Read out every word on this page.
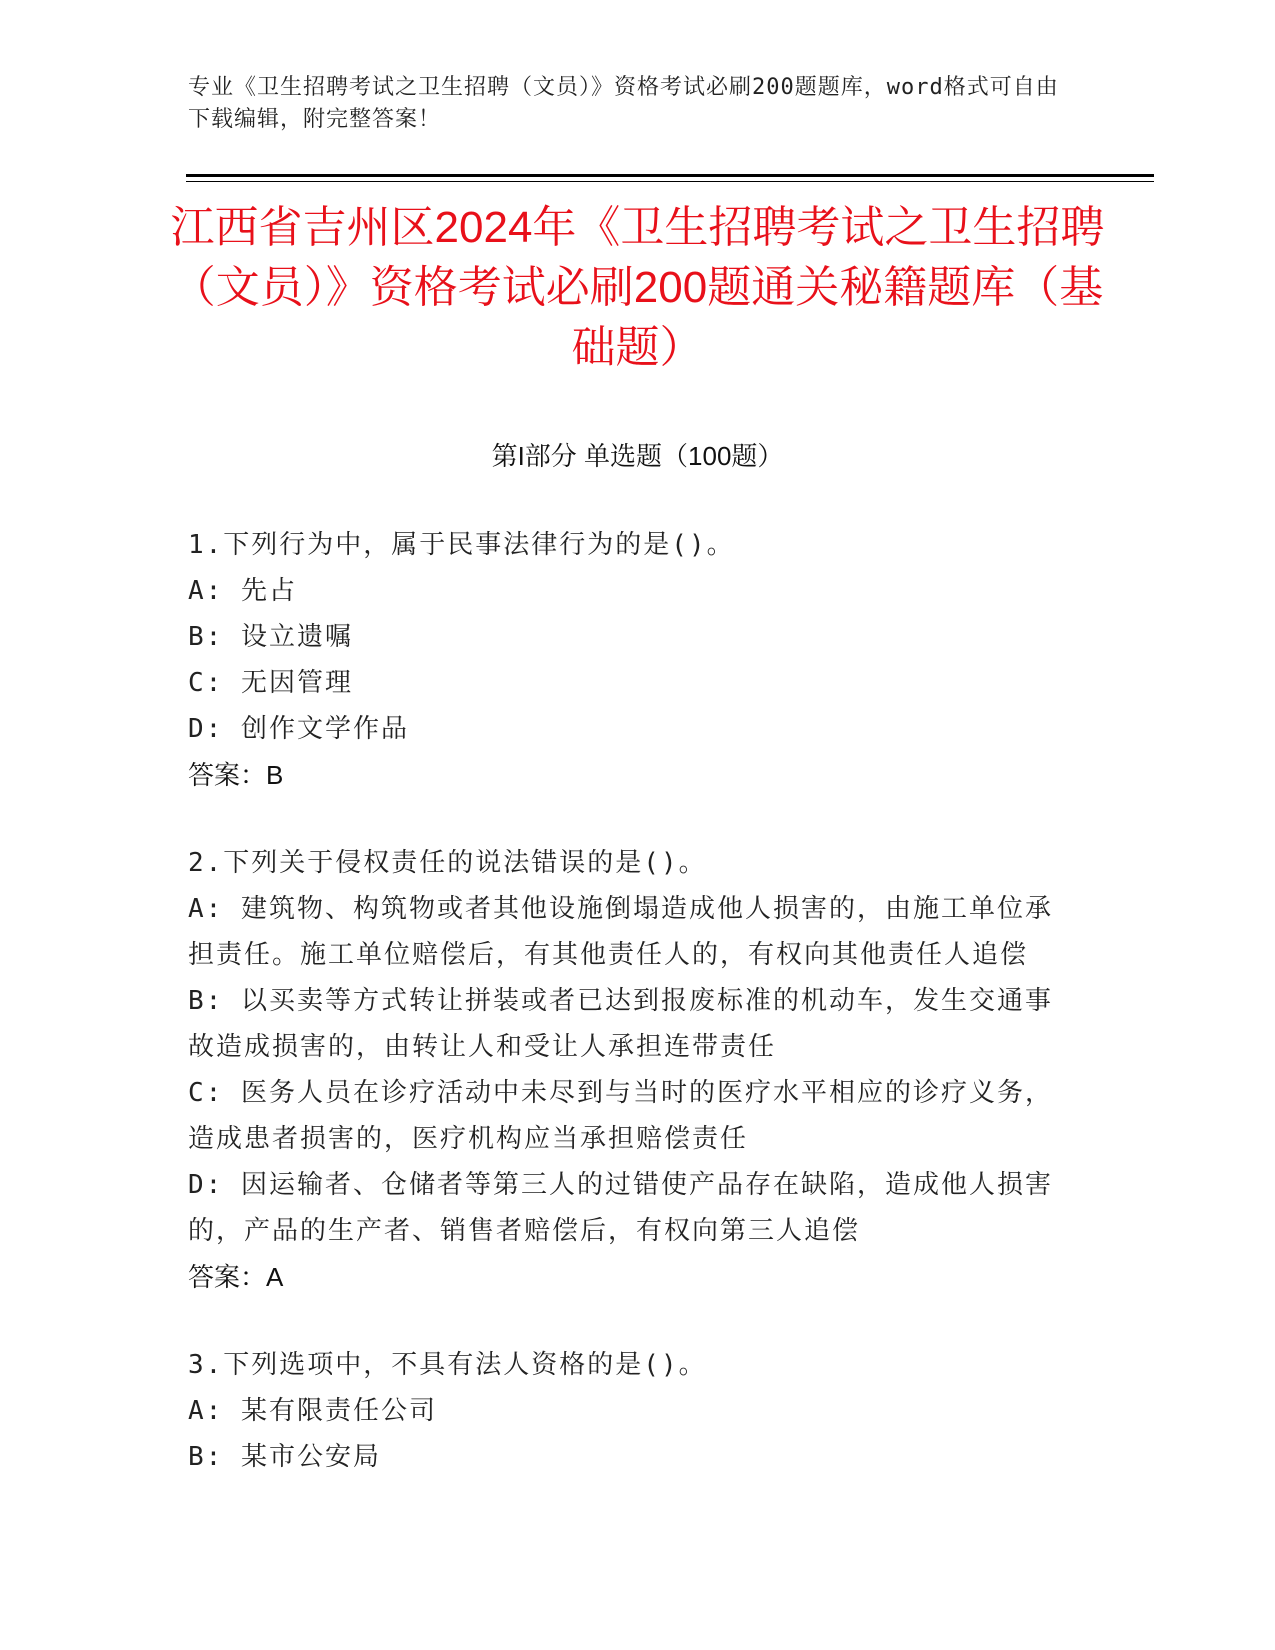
专业《卫生招聘考试之卫生招聘（文员）》资格考试必刷200题题库，word格式可自由下载编辑，附完整答案！
江西省吉州区2024年《卫生招聘考试之卫生招聘（文员）》资格考试必刷200题通关秘籍题库（基础题）
第I部分 单选题（100题）
1.下列行为中，属于民事法律行为的是()。
A: 先占
B: 设立遗嘱
C: 无因管理
D: 创作文学作品
答案：B
2.下列关于侵权责任的说法错误的是()。
A: 建筑物、构筑物或者其他设施倒塌造成他人损害的，由施工单位承担责任。施工单位赔偿后，有其他责任人的，有权向其他责任人追偿
B: 以买卖等方式转让拼装或者已达到报废标准的机动车，发生交通事故造成损害的，由转让人和受让人承担连带责任
C: 医务人员在诊疗活动中未尽到与当时的医疗水平相应的诊疗义务，造成患者损害的，医疗机构应当承担赔偿责任
D: 因运输者、仓储者等第三人的过错使产品存在缺陷，造成他人损害的，产品的生产者、销售者赔偿后，有权向第三人追偿
答案：A
3.下列选项中，不具有法人资格的是()。
A: 某有限责任公司
B: 某市公安局
